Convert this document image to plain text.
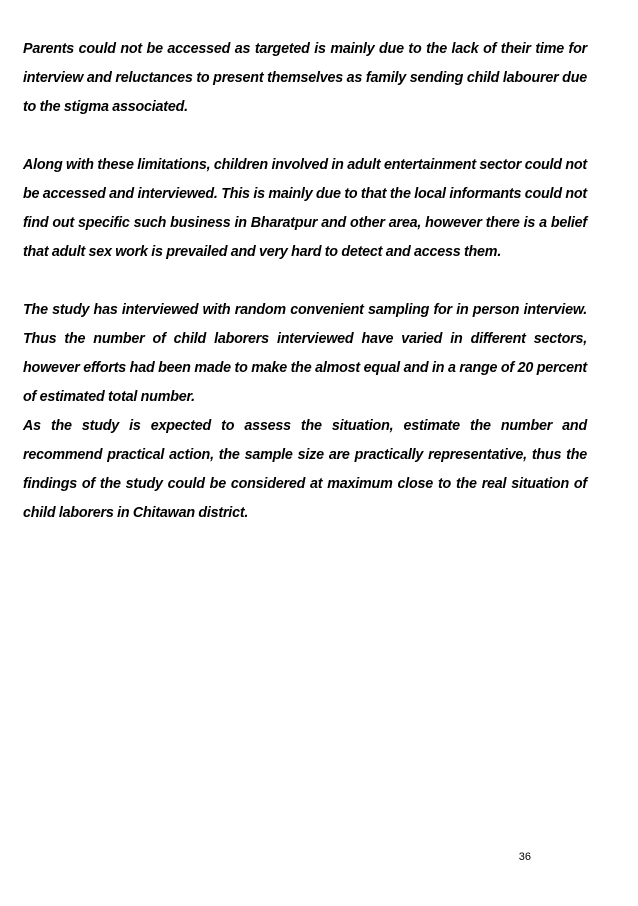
Parents could not be accessed as targeted is mainly due to the lack of their time for interview and reluctances to present themselves as family sending child labourer due to the stigma associated.

Along with these limitations, children involved in adult entertainment sector could not be accessed and interviewed. This is mainly due to that the local informants could not find out specific such business in Bharatpur and other area, however there is a belief that adult sex work is prevailed and very hard to detect and access them.

The study has interviewed with random convenient sampling for in person interview. Thus the number of child laborers interviewed have varied in different sectors, however efforts had been made to make the almost equal and in a range of 20 percent of estimated total number.

As the study is expected to assess the situation, estimate the number and recommend practical action, the sample size are practically representative, thus the findings of the study could be considered at maximum close to the real situation of child laborers in Chitawan district.

36
